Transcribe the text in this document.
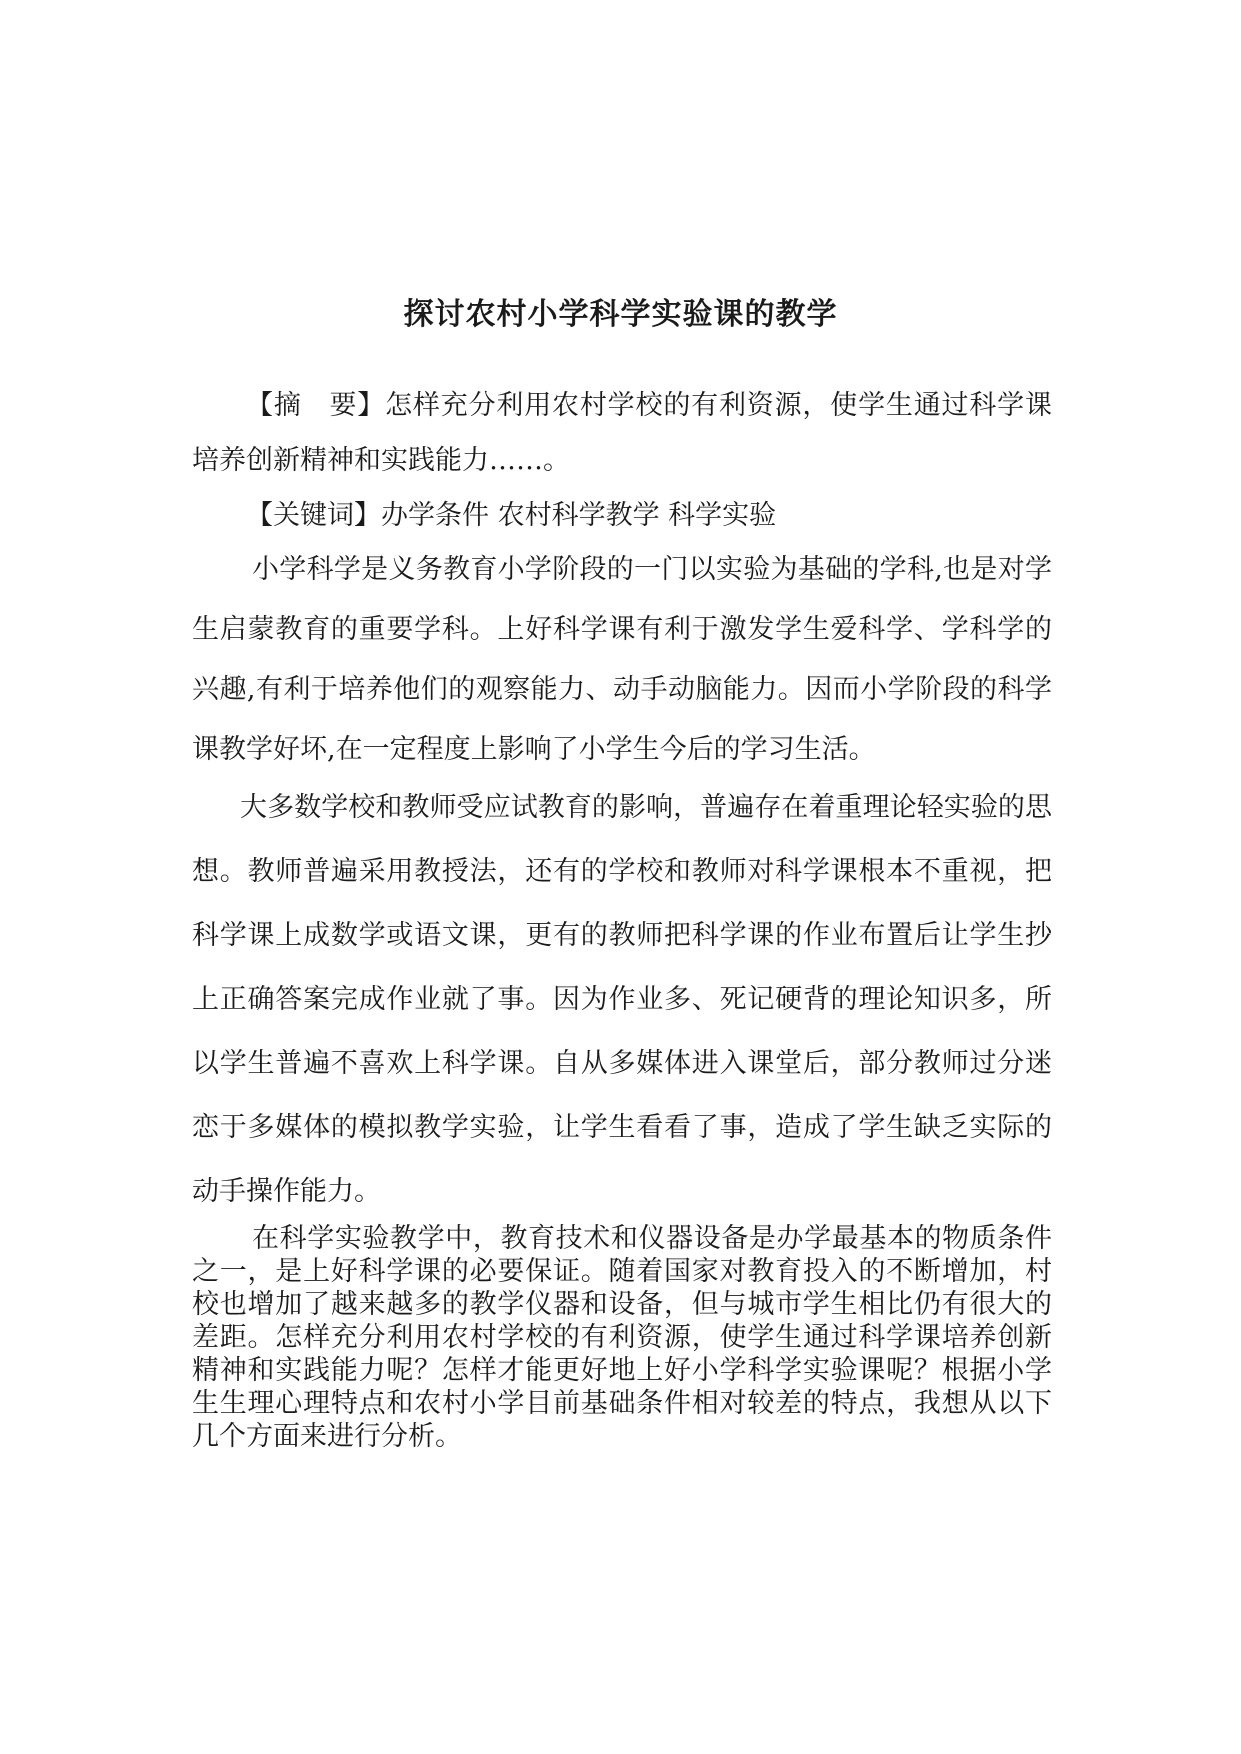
探讨农村小学科学实验课的教学

【摘　要】怎样充分利用农村学校的有利资源，使学生通过科学课培养创新精神和实践能力……。

【关键词】办学条件 农村科学教学 科学实验

小学科学是义务教育小学阶段的一门以实验为基础的学科,也是对学生启蒙教育的重要学科。上好科学课有利于激发学生爱科学、学科学的兴趣,有利于培养他们的观察能力、动手动脑能力。因而小学阶段的科学课教学好坏,在一定程度上影响了小学生今后的学习生活。

大多数学校和教师受应试教育的影响，普遍存在着重理论轻实验的思想。教师普遍采用教授法，还有的学校和教师对科学课根本不重视，把科学课上成数学或语文课，更有的教师把科学课的作业布置后让学生抄上正确答案完成作业就了事。因为作业多、死记硬背的理论知识多，所以学生普遍不喜欢上科学课。自从多媒体进入课堂后，部分教师过分迷恋于多媒体的模拟教学实验，让学生看看了事，造成了学生缺乏实际的动手操作能力。

在科学实验教学中，教育技术和仪器设备是办学最基本的物质条件之一，是上好科学课的必要保证。随着国家对教育投入的不断增加，村校也增加了越来越多的教学仪器和设备，但与城市学生相比仍有很大的差距。怎样充分利用农村学校的有利资源，使学生通过科学课培养创新精神和实践能力呢？怎样才能更好地上好小学科学实验课呢？根据小学生生理心理特点和农村小学目前基础条件相对较差的特点，我想从以下几个方面来进行分析。
